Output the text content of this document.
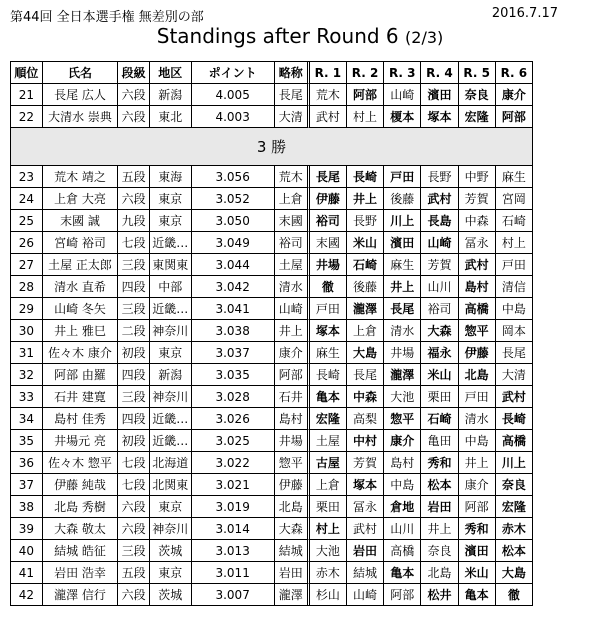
第44回 全日本選手権 無差別の部	2016.7.17
Standings after Round 6 (2/3)
順位	氏名	段級	地区	ポイント	略称	R. 1	R. 2	R. 3	R. 4	R. 5	R. 6
21	長尾 広人	六段	新潟	4.005	長尾	荒木	阿部	山崎	濱田	奈良	康介
22	大清水 崇典	六段	東北	4.003	大清	武村	村上	榎本	塚本	宏隆	阿部
3 勝											
23	荒木 靖之	五段	東海	3.056	荒木	長尾	長崎	戸田	長野	中野	麻生
24	上倉 大亮	六段	東京	3.052	上倉	伊藤	井上	後藤	武村	芳賀	宮岡
25	末國 誠	九段	東京	3.050	末國	裕司	長野	川上	長島	中森	石崎
26	宮崎 裕司	七段	近畿…	3.049	裕司	末國	米山	濱田	山崎	冨永	村上
27	土屋 正太郎	三段	東関東	3.044	土屋	井場	石崎	麻生	芳賀	武村	戸田
28	清水 直希	四段	中部	3.042	清水	徹	後藤	井上	山川	島村	清信
29	山崎 冬矢	三段	近畿…	3.041	山崎	戸田	瀧澤	長尾	裕司	高橋	中島
30	井上 雅巳	二段	神奈川	3.038	井上	塚本	上倉	清水	大森	惣平	岡本
31	佐々木 康介	初段	東京	3.037	康介	麻生	大島	井場	福永	伊藤	長尾
32	阿部 由羅	四段	新潟	3.035	阿部	長崎	長尾	瀧澤	米山	北島	大清
33	石井 建寛	三段	神奈川	3.028	石井	亀本	中森	大池	栗田	戸田	武村
34	島村 佳秀	四段	近畿…	3.026	島村	宏隆	高梨	惣平	石崎	清水	長崎
35	井場元 亮	初段	近畿…	3.025	井場	土屋	中村	康介	亀田	中島	高橋
36	佐々木 惣平	七段	北海道	3.022	惣平	古屋	芳賀	島村	秀和	井上	川上
37	伊藤 純哉	七段	北関東	3.021	伊藤	上倉	塚本	中島	松本	康介	奈良
38	北島 秀樹	六段	東京	3.019	北島	栗田	冨永	倉地	岩田	阿部	宏隆
39	大森 敬太	六段	神奈川	3.014	大森	村上	武村	山川	井上	秀和	赤木
40	結城 皓征	三段	茨城	3.013	結城	大池	岩田	高橋	奈良	濱田	松本
41	岩田 浩幸	五段	東京	3.011	岩田	赤木	結城	亀本	北島	米山	大島
42	瀧澤 信行	六段	茨城	3.007	瀧澤	杉山	山崎	阿部	松井	亀本	徹
